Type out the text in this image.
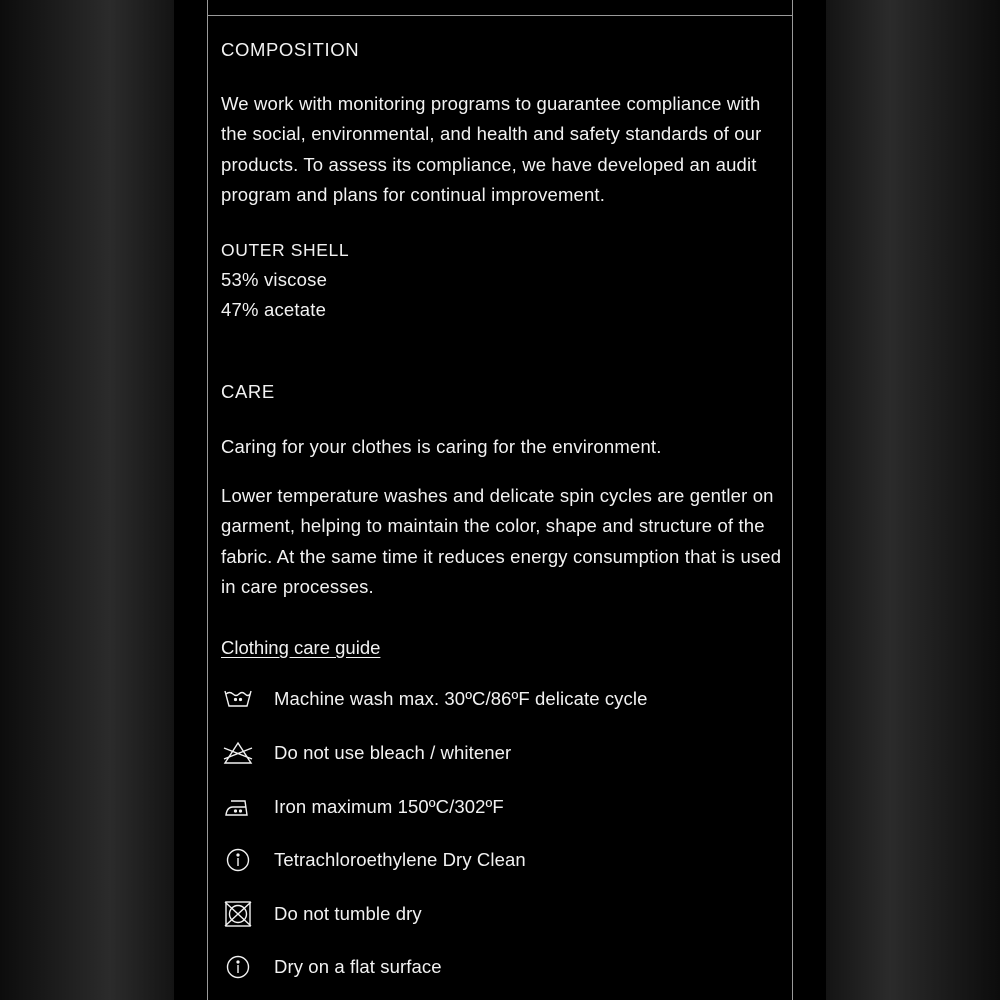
COMPOSITION
We work with monitoring programs to guarantee compliance with the social, environmental, and health and safety standards of our products. To assess its compliance, we have developed an audit program and plans for continual improvement.
OUTER SHELL
53% viscose
47% acetate
CARE
Caring for your clothes is caring for the environment.
Lower temperature washes and delicate spin cycles are gentler on garment, helping to maintain the color, shape and structure of the fabric. At the same time it reduces energy consumption that is used in care processes.
Clothing care guide
Machine wash max. 30ºC/86ºF delicate cycle
Do not use bleach / whitener
Iron maximum 150ºC/302ºF
Tetrachloroethylene Dry Clean
Do not tumble dry
Dry on a flat surface
